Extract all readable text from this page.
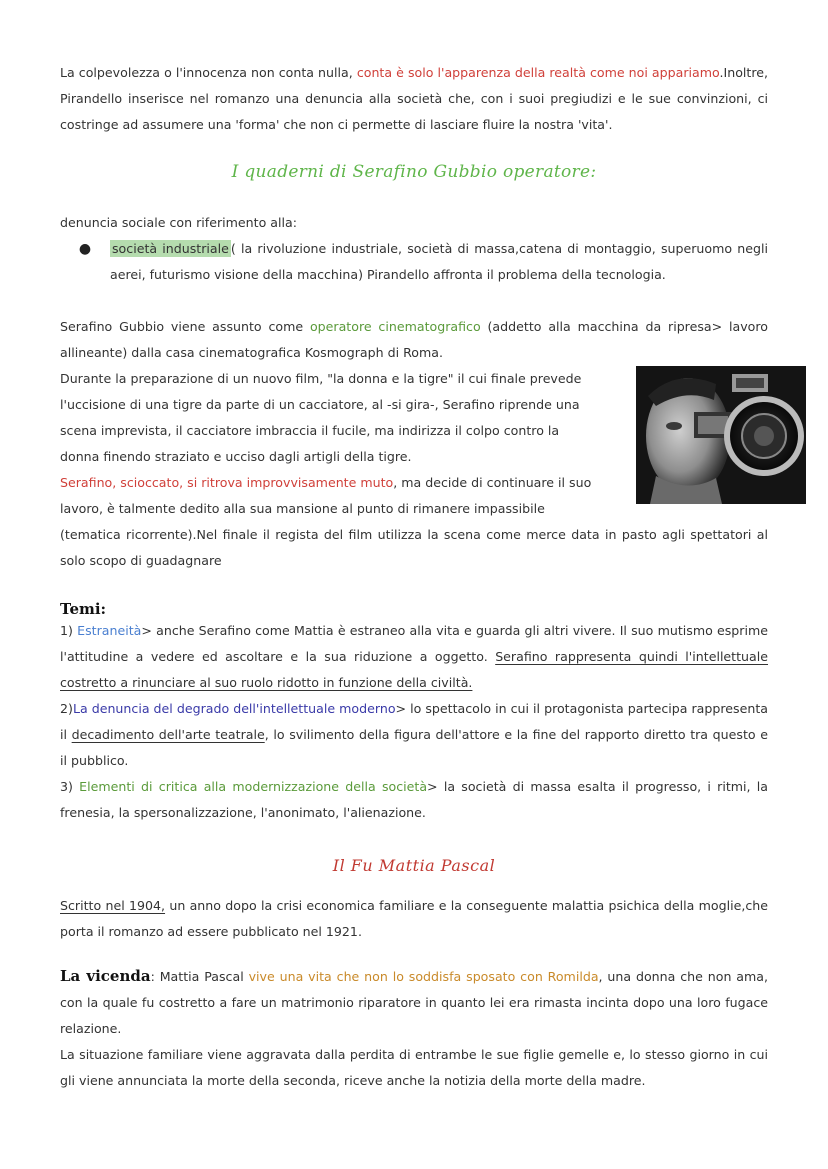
La colpevolezza o l'innocenza non conta nulla, conta è solo l'apparenza della realtà come noi appariamo.Inoltre, Pirandello inserisce nel romanzo una denuncia alla società che, con i suoi pregiudizi e le sue convinzioni, ci costringe ad assumere una 'forma' che non ci permette di lasciare fluire la nostra 'vita'.

I quaderni di Serafino Gubbio operatore:

denuncia sociale con riferimento alla:

●	società industriale ( la rivoluzione industriale, società di massa,catena di montaggio, superuomo negli aerei, futurismo visione della macchina) Pirandello affronta il problema della tecnologia.

Serafino Gubbio viene assunto come operatore cinematografico (addetto alla macchina da ripresa> lavoro allineante) dalla casa cinematografica Kosmograph di Roma.

Durante la preparazione di un nuovo film, "la donna e la tigre" il cui finale prevede

l'uccisione di una tigre da parte di un cacciatore, al -si gira-, Serafino riprende una

scena imprevista, il cacciatore imbraccia il fucile, ma indirizza il colpo contro la

donna finendo straziato e ucciso dagli artigli della tigre.

Serafino, scioccato, si ritrova improvvisamente muto, ma decide di continuare il suo

lavoro, è talmente dedito alla sua mansione al punto di rimanere impassibile

(tematica ricorrente).Nel finale il regista del film utilizza la scena come merce data in pasto agli spettatori al solo scopo di guadagnare

Temi:

1) Estraneità> anche Serafino come Mattia è estraneo alla vita e guarda gli altri vivere. Il suo mutismo esprime l'attitudine a vedere ed ascoltare e la sua riduzione a oggetto. Serafino rappresenta quindi l'intellettuale costretto a rinunciare al suo ruolo ridotto in funzione della civiltà.

2)La denuncia del degrado dell'intellettuale moderno> lo spettacolo in cui il protagonista partecipa rappresenta il decadimento dell'arte teatrale, lo svilimento della figura dell'attore e la fine del rapporto diretto tra questo e il pubblico.

3) Elementi di critica alla modernizzazione della società> la società di massa esalta il progresso, i ritmi, la frenesia, la spersonalizzazione, l'anonimato, l'alienazione.

Il Fu Mattia Pascal

Scritto nel 1904, un anno dopo la crisi economica familiare e la conseguente malattia psichica della moglie,che porta il romanzo ad essere pubblicato nel 1921.

La vicenda: Mattia Pascal vive una vita che non lo soddisfa sposato con Romilda, una donna che non ama, con la quale fu costretto a fare un matrimonio riparatore in quanto lei era rimasta incinta dopo una loro fugace relazione.

La situazione familiare viene aggravata dalla perdita di entrambe le sue figlie gemelle e, lo stesso giorno in cui gli viene annunciata la morte della seconda, riceve anche la notizia della morte della madre.
